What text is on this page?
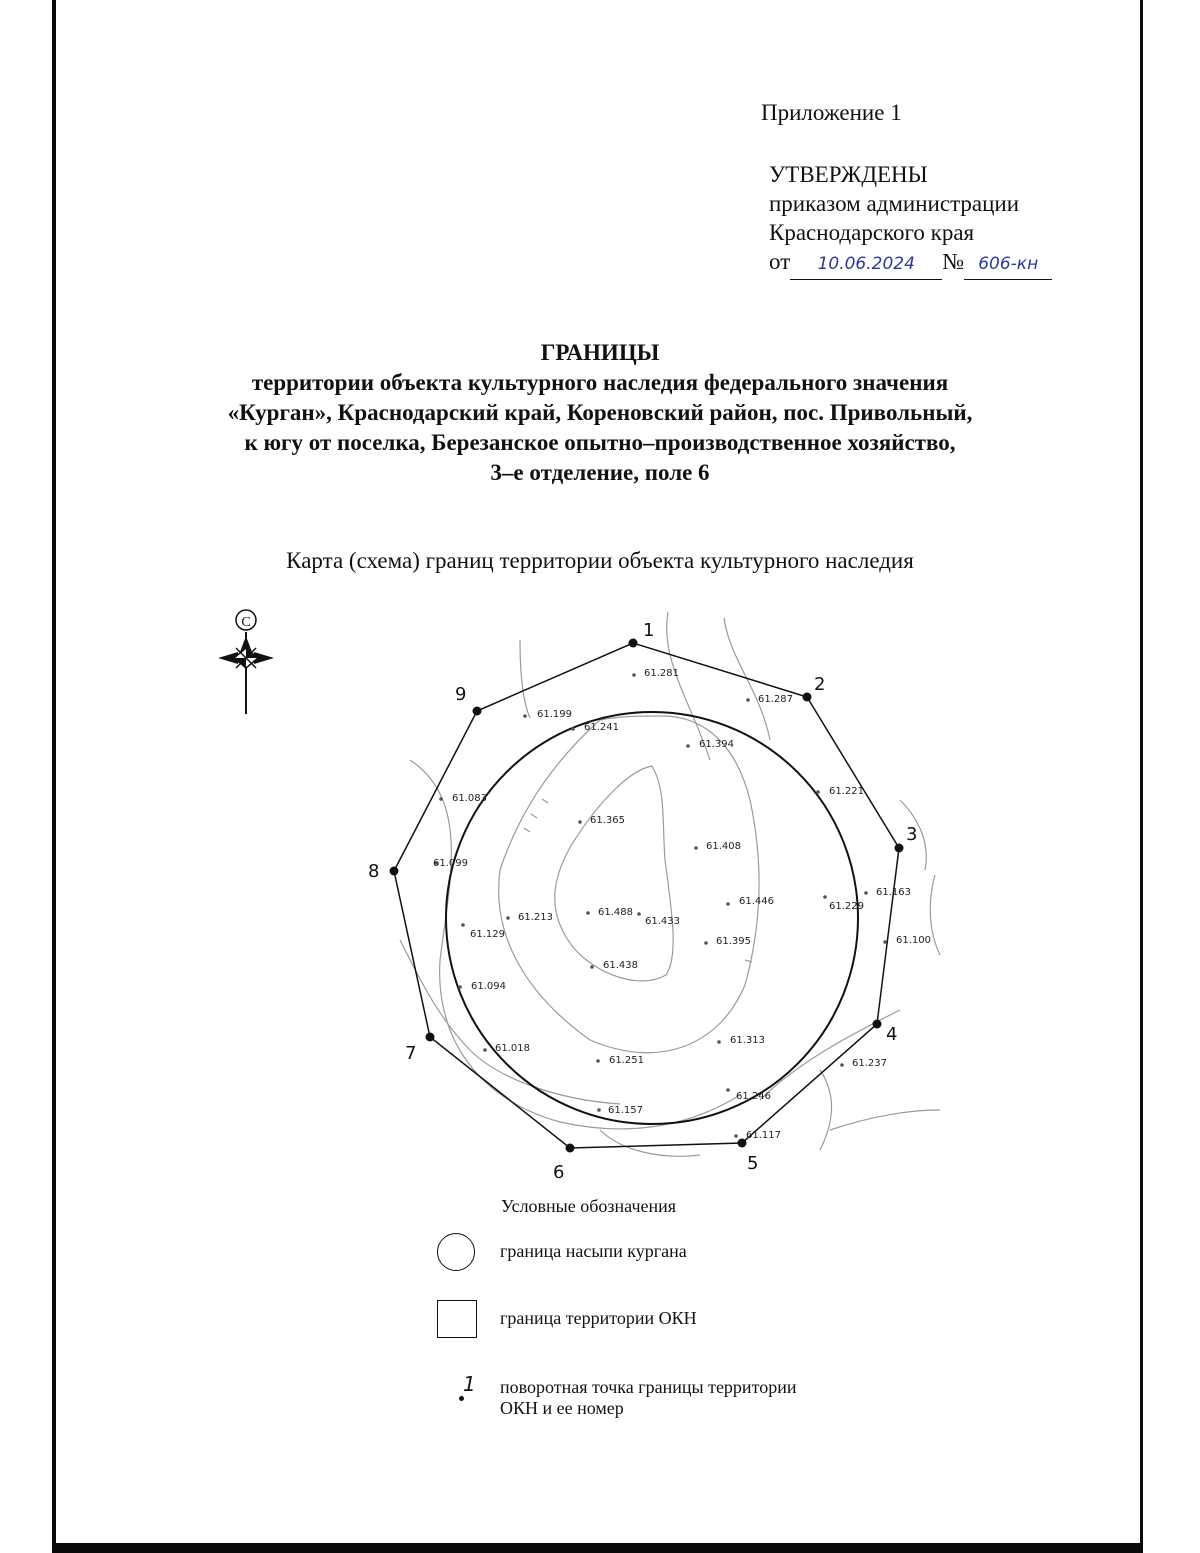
Приложение 1
УТВЕРЖДЕНЫ
приказом администрации
Краснодарского края
от 10.06.2024 № 606-кн
ГРАНИЦЫ
территории объекта культурного наследия федерального значения
«Курган», Краснодарский край, Кореновский район, пос. Привольный,
к югу от поселка, Березанское опытно–производственное хозяйство,
3–е отделение, поле 6
Карта (схема) границ территории объекта культурного наследия
С	1
2
3
4
5
6
7
8
9
61.281
61.287
61.199
61.241
61.394
61.221
61.083
61.365
61.408
61.099
61.163
61.229
61.446
61.488
61.433
61.213
61.129
61.100
61.395
61.438
61.094
61.313
61.018
61.251	61.237
61.246
61.157
61.117
Условные обозначения
граница насыпи кургана
граница территории ОКН
1 поворотная точка границы территории
ОКН и ее номер
